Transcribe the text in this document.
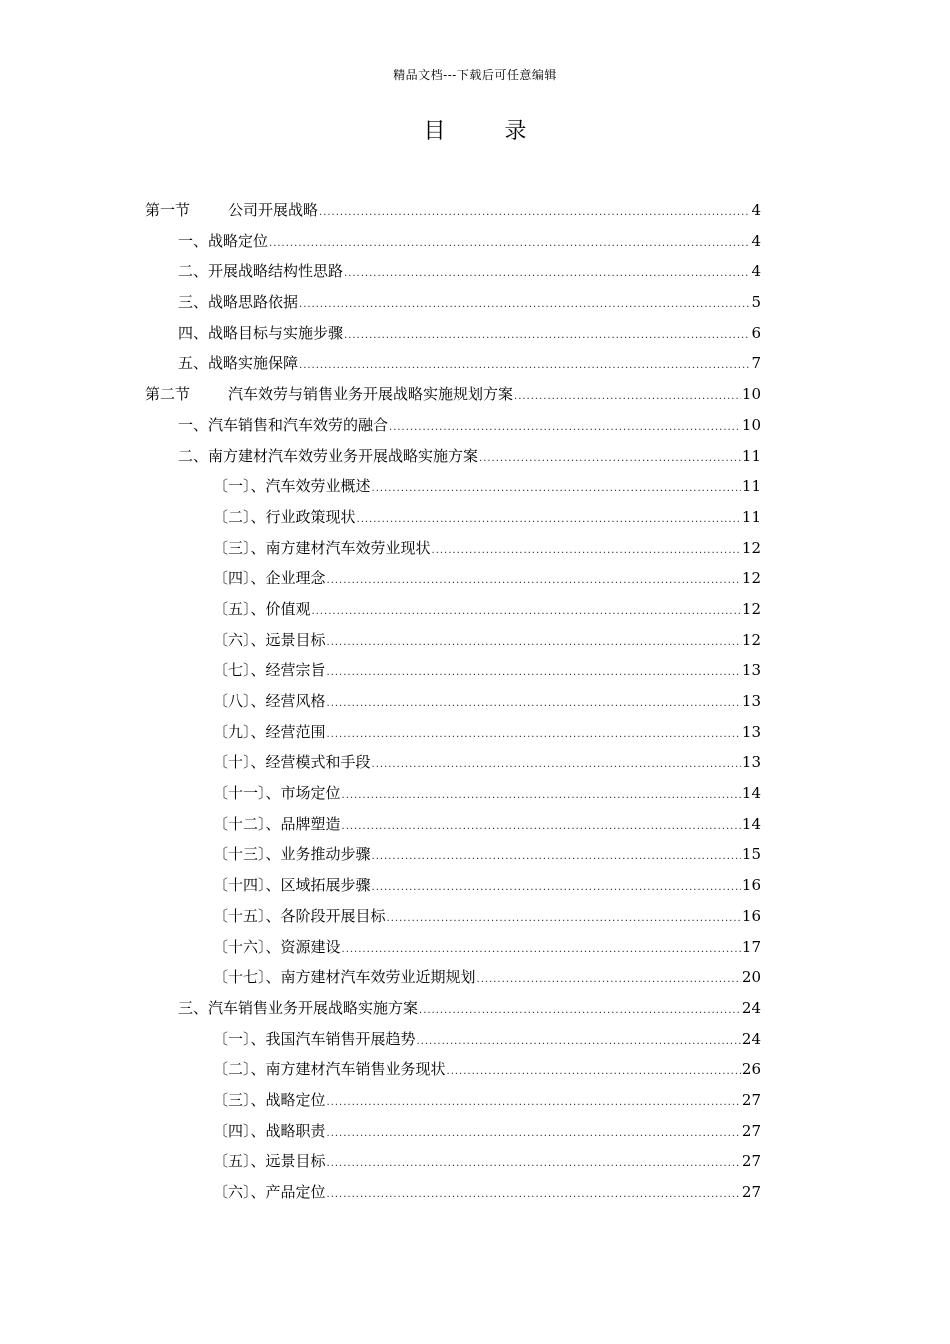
精品文档---下载后可任意编辑
目 录
第一节	公司开展战略 .....	4
一、战略定位 .....	4
二、开展战略结构性思路 .....	4
三、战略思路依据 .....	5
四、战略目标与实施步骤 .....	6
五、战略实施保障 .....	7
第二节	汽车效劳与销售业务开展战略实施规划方案 .....	10
一、汽车销售和汽车效劳的融合 .....	10
二、南方建材汽车效劳业务开展战略实施方案 .....	11
〔一〕、汽车效劳业概述 .....	11
〔二〕、行业政策现状 .....	11
〔三〕、南方建材汽车效劳业现状 .....	12
〔四〕、企业理念 .....	12
〔五〕、价值观 .....	12
〔六〕、远景目标 .....	12
〔七〕、经营宗旨 .....	13
〔八〕、经营风格 .....	13
〔九〕、经营范围 .....	13
〔十〕、经营模式和手段 .....	13
〔十一〕、市场定位 .....	14
〔十二〕、品牌塑造 .....	14
〔十三〕、业务推动步骤 .....	15
〔十四〕、区域拓展步骤 .....	16
〔十五〕、各阶段开展目标 .....	16
〔十六〕、资源建设 .....	17
〔十七〕、南方建材汽车效劳业近期规划 .....	20
三、汽车销售业务开展战略实施方案 .....	24
〔一〕、我国汽车销售开展趋势 .....	24
〔二〕、南方建材汽车销售业务现状 .....	26
〔三〕、战略定位 .....	27
〔四〕、战略职责 .....	27
〔五〕、远景目标 .....	27
〔六〕、产品定位 .....	27
